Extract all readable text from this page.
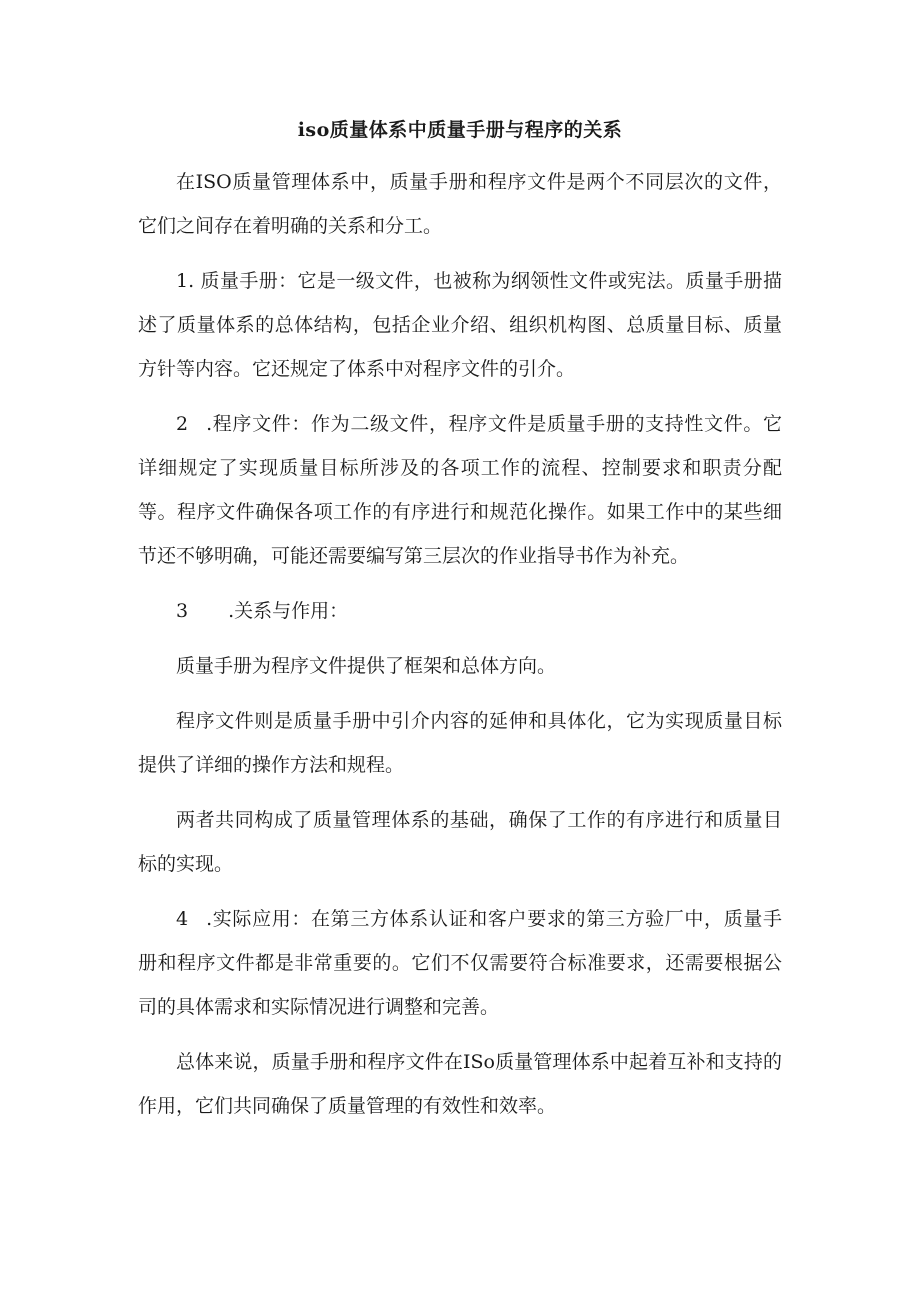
iso质量体系中质量手册与程序的关系

在ISO质量管理体系中，质量手册和程序文件是两个不同层次的文件，它们之间存在着明确的关系和分工。

1. 质量手册：它是一级文件，也被称为纲领性文件或宪法。质量手册描述了质量体系的总体结构，包括企业介绍、组织机构图、总质量目标、质量方针等内容。它还规定了体系中对程序文件的引介。

2 .程序文件：作为二级文件，程序文件是质量手册的支持性文件。它详细规定了实现质量目标所涉及的各项工作的流程、控制要求和职责分配等。程序文件确保各项工作的有序进行和规范化操作。如果工作中的某些细节还不够明确，可能还需要编写第三层次的作业指导书作为补充。

3 .关系与作用：

质量手册为程序文件提供了框架和总体方向。

程序文件则是质量手册中引介内容的延伸和具体化，它为实现质量目标提供了详细的操作方法和规程。

两者共同构成了质量管理体系的基础，确保了工作的有序进行和质量目标的实现。

4 .实际应用：在第三方体系认证和客户要求的第三方验厂中，质量手册和程序文件都是非常重要的。它们不仅需要符合标准要求，还需要根据公司的具体需求和实际情况进行调整和完善。

总体来说，质量手册和程序文件在ISo质量管理体系中起着互补和支持的作用，它们共同确保了质量管理的有效性和效率。
